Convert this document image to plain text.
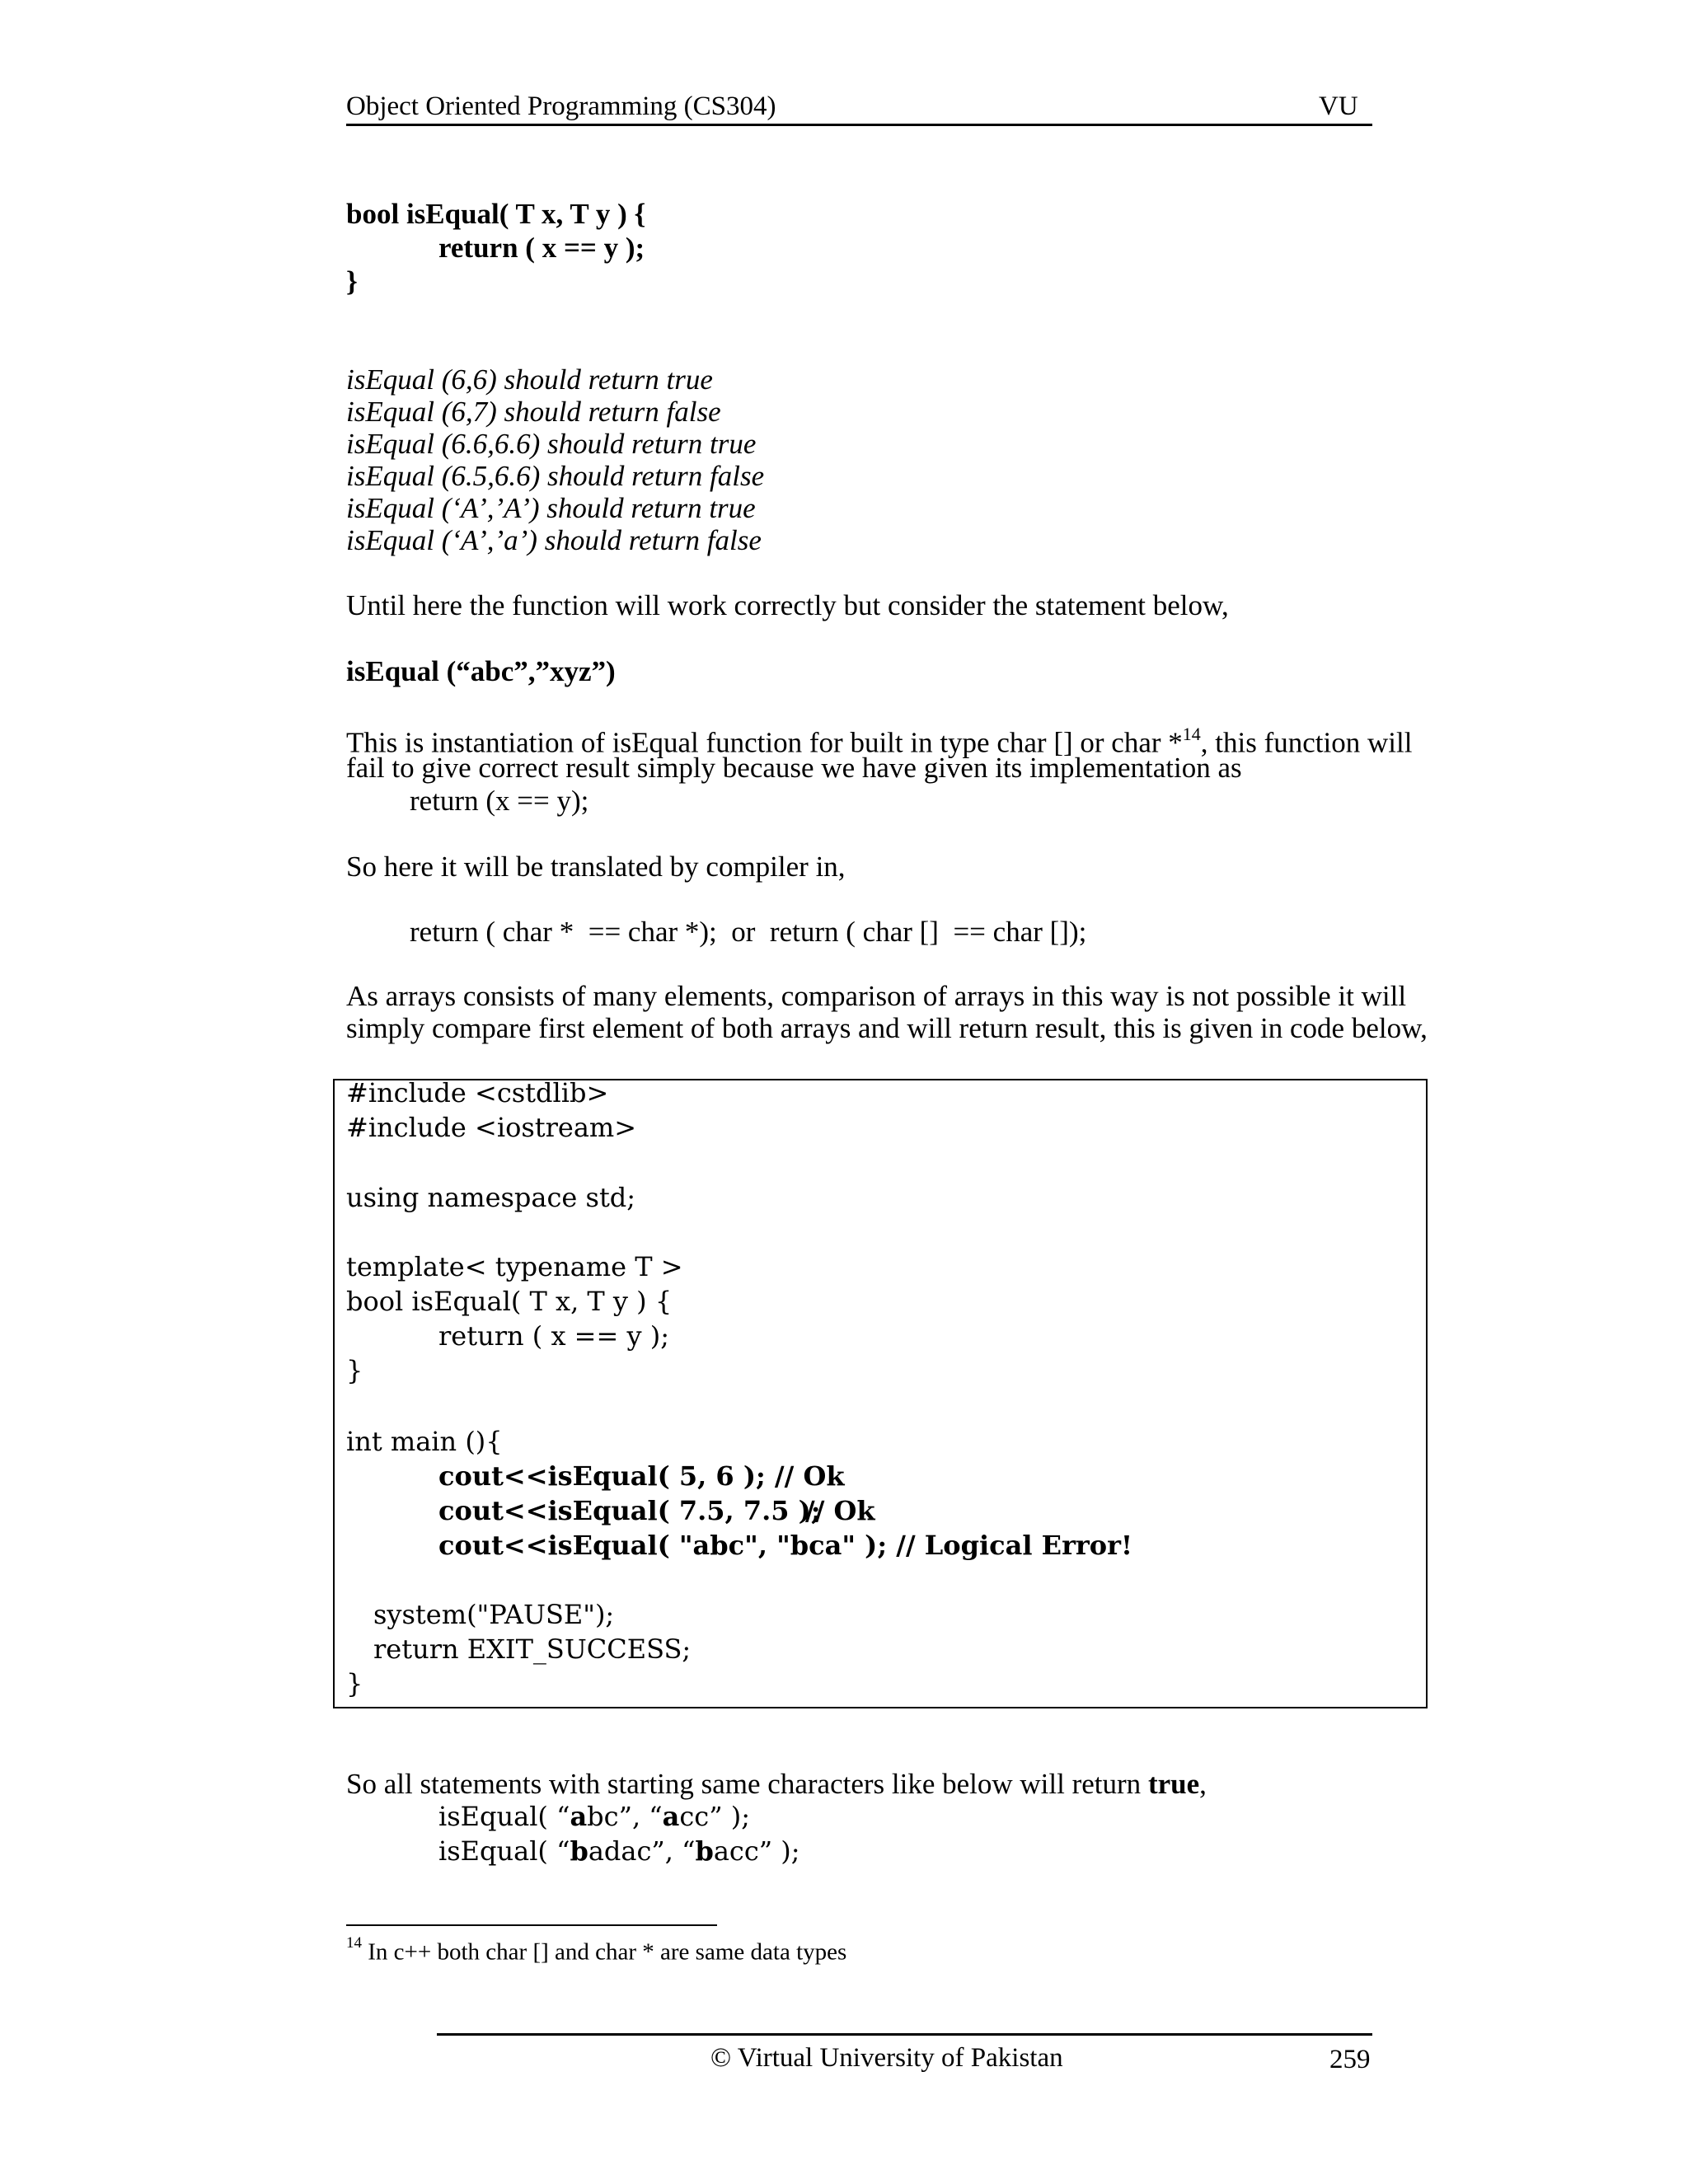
Object Oriented Programming (CS304)	VU
bool isEqual( T x, T y ) {
return ( x == y );
}
isEqual (6,6) should return true
isEqual (6,7) should return false
isEqual (6.6,6.6) should return true
isEqual (6.5,6.6) should return false
isEqual (‘A’,’A’) should return true
isEqual (‘A’,’a’) should return false
Until here the function will work correctly but consider the statement below,
isEqual (“abc”,”xyz”)
This is instantiation of isEqual function for built in type char [] or char *$^{14}$, this function will
fail to give correct result simply because we have given its implementation as
return (x == y);
So here it will be translated by compiler in,
return ( char *  == char *);  or  return ( char []  == char []);
As arrays consists of many elements, comparison of arrays in this way is not possible it will
simply compare first element of both arrays and will return result, this is given in code below,
#include <cstdlib>
#include <iostream>
using namespace std;
template< typename T >
bool isEqual( T x, T y ) {
return ( x == y );
}
int main (){
cout<<isEqual( 5, 6 ); // Ok
cout<<isEqual( 7.5, 7.5 );
// Ok
cout<<isEqual( "abc", "bca" ); // Logical Error!
system("PAUSE");
return EXIT_SUCCESS;
}
So all statements with starting same characters like below will return true,
isEqual( “abc”, “acc” );
isEqual( “badac”, “bacc” );
$^{14}$ In c++ both char [] and char * are same data types
© Virtual University of Pakistan	259
